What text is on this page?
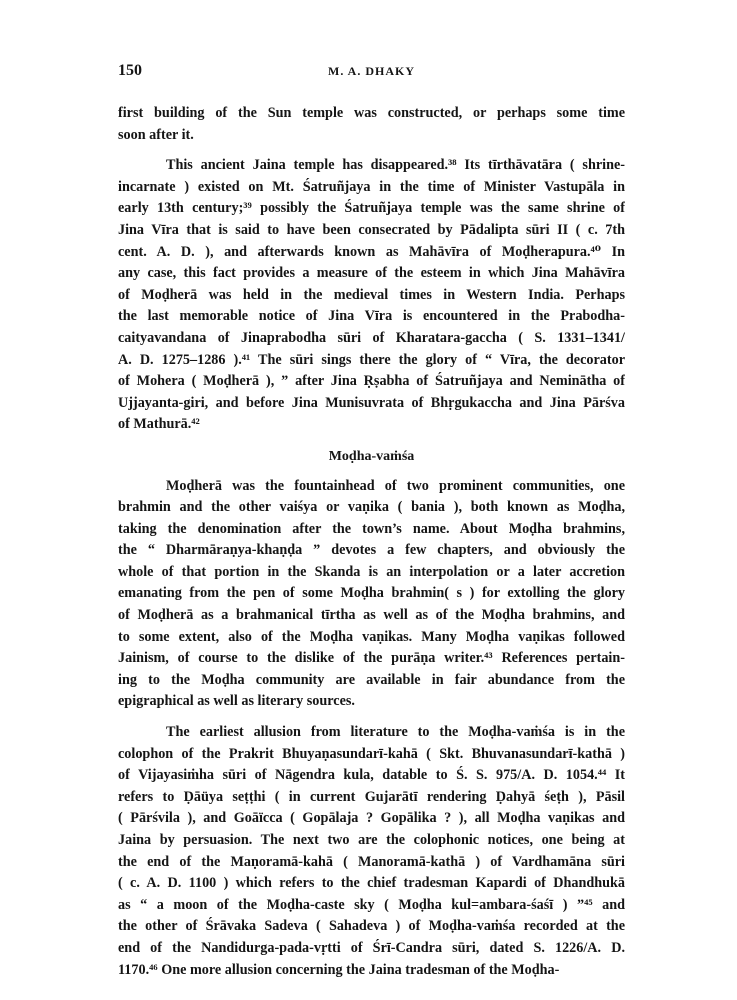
150	M. A. DHAKY
first building of the Sun temple was constructed, or perhaps some time
soon after it.
This ancient Jaina temple has disappeared.³⁸ Its tīrthāvatāra ( shrine-
incarnate ) existed on Mt. Śatruñjaya in the time of Minister Vastupāla in
early 13th century;³⁹ possibly the Śatruñjaya temple was the same shrine of
Jina Vīra that is said to have been consecrated by Pādalipta sūri II ( c. 7th
cent. A. D. ), and afterwards known as Mahāvīra of Moḍherapura.⁴⁰ In
any case, this fact provides a measure of the esteem in which Jina Mahāvīra
of Moḍherā was held in the medieval times in Western India. Perhaps
the last memorable notice of Jina Vīra is encountered in the Prabodha-
caityavandana of Jinaprabodha sūri of Kharatara-gaccha ( S. 1331–1341/
A. D. 1275–1286 ).⁴¹ The sūri sings there the glory of “ Vīra, the decorator
of Mohera ( Moḍherā ), ” after Jina Ṛṣabha of Śatruñjaya and Neminātha of
Ujjayanta-giri, and before Jina Munisuvrata of Bhṛgukaccha and Jina Pārśva
of Mathurā.⁴²
Moḍha-vaṁśa
Moḍherā was the fountainhead of two prominent communities, one
brahmin and the other vaiśya or vaṇika ( bania ), both known as Moḍha,
taking the denomination after the town’s name. About Moḍha brahmins,
the “ Dharmāraṇya-khaṇḍa ” devotes a few chapters, and obviously the
whole of that portion in the Skanda is an interpolation or a later accretion
emanating from the pen of some Moḍha brahmin( s ) for extolling the glory
of Moḍherā as a brahmanical tīrtha as well as of the Moḍha brahmins, and
to some extent, also of the Moḍha vaṇikas. Many Moḍha vaṇikas followed
Jainism, of course to the dislike of the purāṇa writer.⁴³ References pertain-
ing to the Moḍha community are available in fair abundance from the
epigraphical as well as literary sources.
The earliest allusion from literature to the Moḍha-vaṁśa is in the
colophon of the Prakrit Bhuyaṇasundarī-kahā ( Skt. Bhuvanasundarī-kathā )
of Vijayasiṁha sūri of Nāgendra kula, datable to Ś. S. 975/A. D. 1054.⁴⁴ It
refers to Ḍāüya seṭṭhi ( in current Gujarātī rendering Ḍahyā śeṭh ), Pāsil
( Pārśvila ), and Goāïcca ( Gopālaja ? Gopālika ? ), all Moḍha vaṇikas and
Jaina by persuasion. The next two are the colophonic notices, one being at
the end of the Maṇoramā-kahā ( Manoramā-kathā ) of Vardhamāna sūri
( c. A. D. 1100 ) which refers to the chief tradesman Kapardi of Dhandhukā
as “ a moon of the Moḍha-caste sky ( Moḍha kul=ambara-śaśī ) ”⁴⁵ and
the other of Śrāvaka Sadeva ( Sahadeva ) of Moḍha-vaṁśa recorded at the
end of the Nandidurga-pada-vṛtti of Śrī-Candra sūri, dated S. 1226/A. D.
1170.⁴⁶ One more allusion concerning the Jaina tradesman of the Moḍha-
